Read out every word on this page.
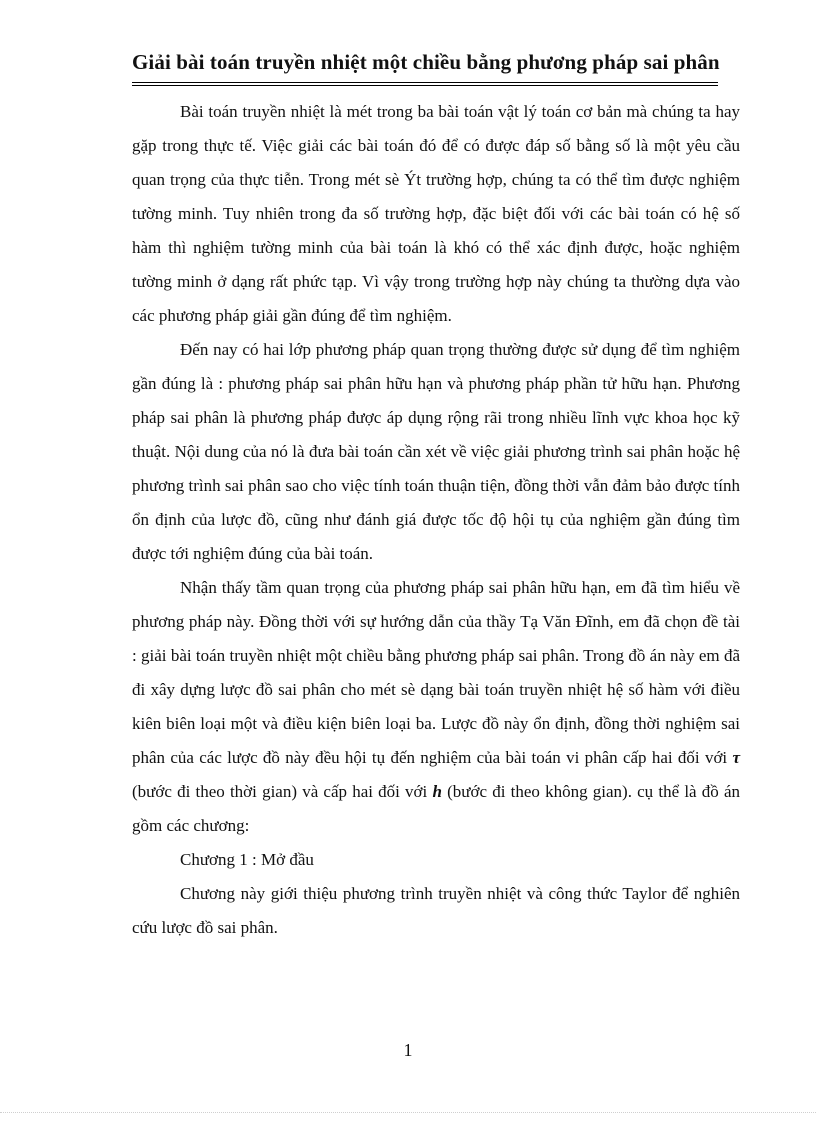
Giải bài toán truyền nhiệt một chiều bằng phương pháp sai phân

Bài toán truyền nhiệt là mét trong ba bài toán vật lý toán cơ bản mà chúng ta hay gặp trong thực tế. Việc giải các bài toán đó để có được đáp số bằng số là một yêu cầu quan trọng của thực tiễn. Trong mét sè Ýt trường hợp, chúng ta có thể tìm được nghiệm tường minh. Tuy nhiên trong đa số trường hợp, đặc biệt đối với các bài toán có hệ số hàm thì nghiệm tường minh của bài toán là khó có thể xác định được, hoặc nghiệm tường minh ở dạng rất phức tạp. Vì vậy trong trường hợp này chúng ta thường dựa vào các phương pháp giải gần đúng để tìm nghiệm.

Đến nay có hai lớp phương pháp quan trọng thường được sử dụng để tìm nghiệm gần đúng là : phương pháp sai phân hữu hạn và phương pháp phần tử hữu hạn. Phương pháp sai phân là phương pháp được áp dụng rộng rãi trong nhiều lĩnh vực khoa học kỹ thuật. Nội dung của nó là đưa bài toán cần xét về việc giải phương trình sai phân hoặc hệ phương trình sai phân sao cho việc tính toán thuận tiện, đồng thời vẫn đảm bảo được tính ổn định của lược đồ, cũng như đánh giá được tốc độ hội tụ của nghiệm gần đúng tìm được tới nghiệm đúng của bài toán.

Nhận thấy tầm quan trọng của phương pháp sai phân hữu hạn, em đã tìm hiểu về phương pháp này. Đồng thời với sự hướng dẫn của thầy Tạ Văn Đĩnh, em đã chọn đề tài : giải bài toán truyền nhiệt một chiều bằng phương pháp sai phân. Trong đồ án này em đã đi xây dựng lược đồ sai phân cho mét sè dạng bài toán truyền nhiệt hệ số hàm với điều kiên biên loại một và điều kiện biên loại ba. Lược đồ này ổn định, đồng thời nghiệm sai phân của các lược đồ này đều hội tụ đến nghiệm của bài toán vi phân cấp hai đối với τ (bước đi theo thời gian) và cấp hai đối với h (bước đi theo không gian). cụ thể là đồ án gồm các chương:

Chương 1 : Mở đầu

Chương này giới thiệu phương trình truyền nhiệt và công thức Taylor để nghiên cứu lược đồ sai phân.

1
